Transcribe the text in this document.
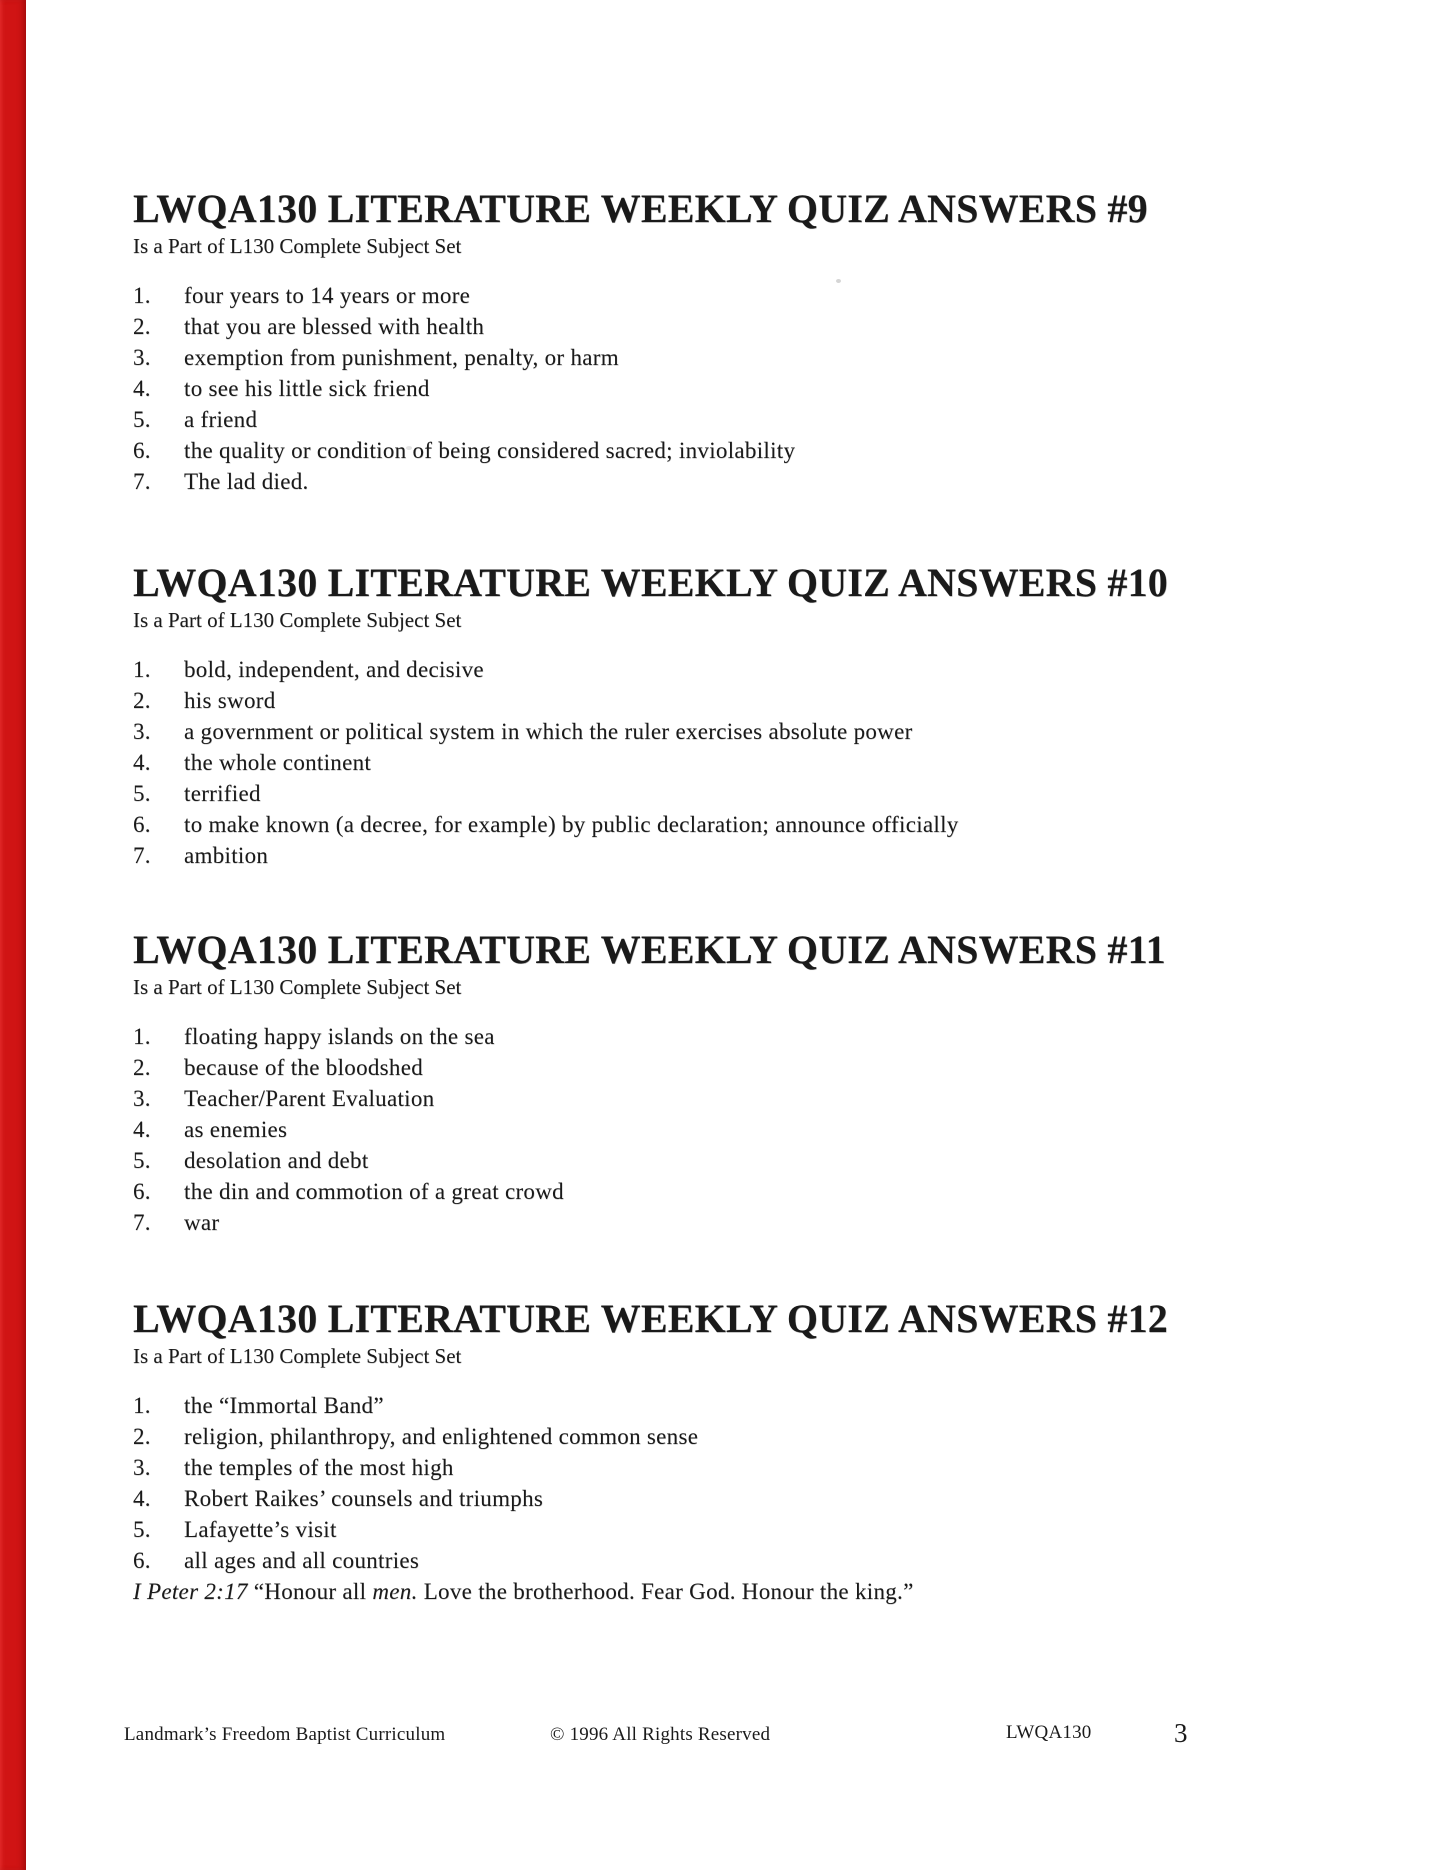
LWQA130 LITERATURE WEEKLY QUIZ ANSWERS #9

Is a Part of L130 Complete Subject Set

1.	four years to 14 years or more
2.	that you are blessed with health
3.	exemption from punishment, penalty, or harm
4.	to see his little sick friend
5.	a friend
6.	the quality or condition of being considered sacred; inviolability
7.	The lad died.
LWQA130 LITERATURE WEEKLY QUIZ ANSWERS #10

Is a Part of L130 Complete Subject Set

1.	bold, independent, and decisive
2.	his sword
3.	a government or political system in which the ruler exercises absolute power
4.	the whole continent
5.	terrified
6.	to make known (a decree, for example) by public declaration; announce officially
7.	ambition
LWQA130 LITERATURE WEEKLY QUIZ ANSWERS #11

Is a Part of L130 Complete Subject Set

1.	floating happy islands on the sea
2.	because of the bloodshed
3.	Teacher/Parent Evaluation
4.	as enemies
5.	desolation and debt
6.	the din and commotion of a great crowd
7.	war
LWQA130 LITERATURE WEEKLY QUIZ ANSWERS #12

Is a Part of L130 Complete Subject Set

1.	the “Immortal Band”
2.	religion, philanthropy, and enlightened common sense
3.	the temples of the most high
4.	Robert Raikes’ counsels and triumphs
5.	Lafayette’s visit
6.	all ages and all countries

I Peter 2:17 “Honour all men. Love the brotherhood. Fear God. Honour the king.”

Landmark’s Freedom Baptist Curriculum	© 1996 All Rights Reserved	LWQA130	3
